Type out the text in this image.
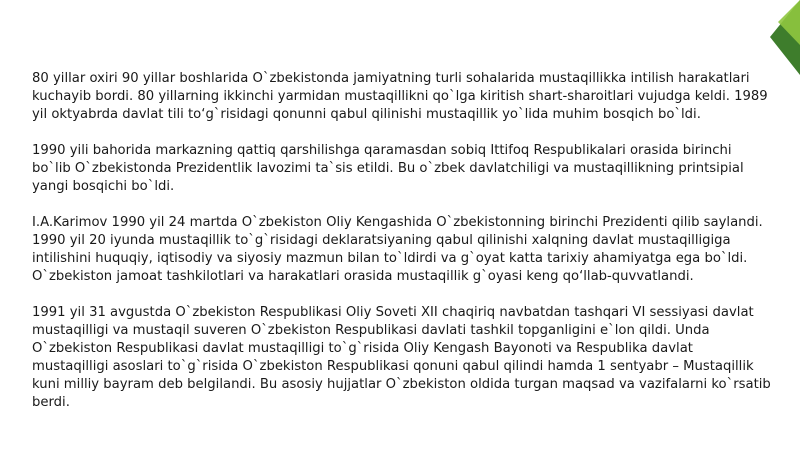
80 yillar oxiri 90 yillar boshlarida O`zbekistonda jamiyatning turli sohalarida mustaqillikka intilish harakatlari kuchayib bordi. 80 yillarning ikkinchi yarmidan mustaqillikni qo`lga kiritish shart-sharoitlari vujudga keldi. 1989 yil oktyabrda davlat tili to‘g`risidagi qonunni qabul qilinishi mustaqillik yo`lida muhim bosqich bo`ldi.

1990 yili bahorida markazning qattiq qarshilishga qaramasdan sobiq Ittifoq Respublikalari orasida birinchi bo`lib O`zbekistonda Prezidentlik lavozimi ta`sis etildi. Bu o`zbek davlatchiligi va mustaqillikning printsipial yangi bosqichi bo`ldi.

I.A.Karimov 1990 yil 24 martda O`zbekiston Oliy Kengashida O`zbekistonning birinchi Prezidenti qilib saylandi. 1990 yil 20 iyunda mustaqillik to`g`risidagi deklaratsiyaning qabul qilinishi xalqning davlat mustaqilligiga intilishini huquqiy, iqtisodiy va siyosiy mazmun bilan to`ldirdi va g`oyat katta tarixiy ahamiyatga ega bo`ldi. O`zbekiston jamoat tashkilotlari va harakatlari orasida mustaqillik g`oyasi keng qo‘llab-quvvatlandi.

1991 yil 31 avgustda O`zbekiston Respublikasi Oliy Soveti XII chaqiriq navbatdan tashqari VI sessiyasi davlat mustaqilligi va mustaqil suveren O`zbekiston Respublikasi davlati tashkil topganligini e`lon qildi. Unda O`zbekiston Respublikasi davlat mustaqilligi to`g`risida Oliy Kengash Bayonoti va Respublika davlat mustaqilligi asoslari to`g`risida O`zbekiston Respublikasi qonuni qabul qilindi hamda 1 sentyabr – Mustaqillik kuni milliy bayram deb belgilandi. Bu asosiy hujjatlar O`zbekiston oldida turgan maqsad va vazifalarni ko`rsatib berdi.
